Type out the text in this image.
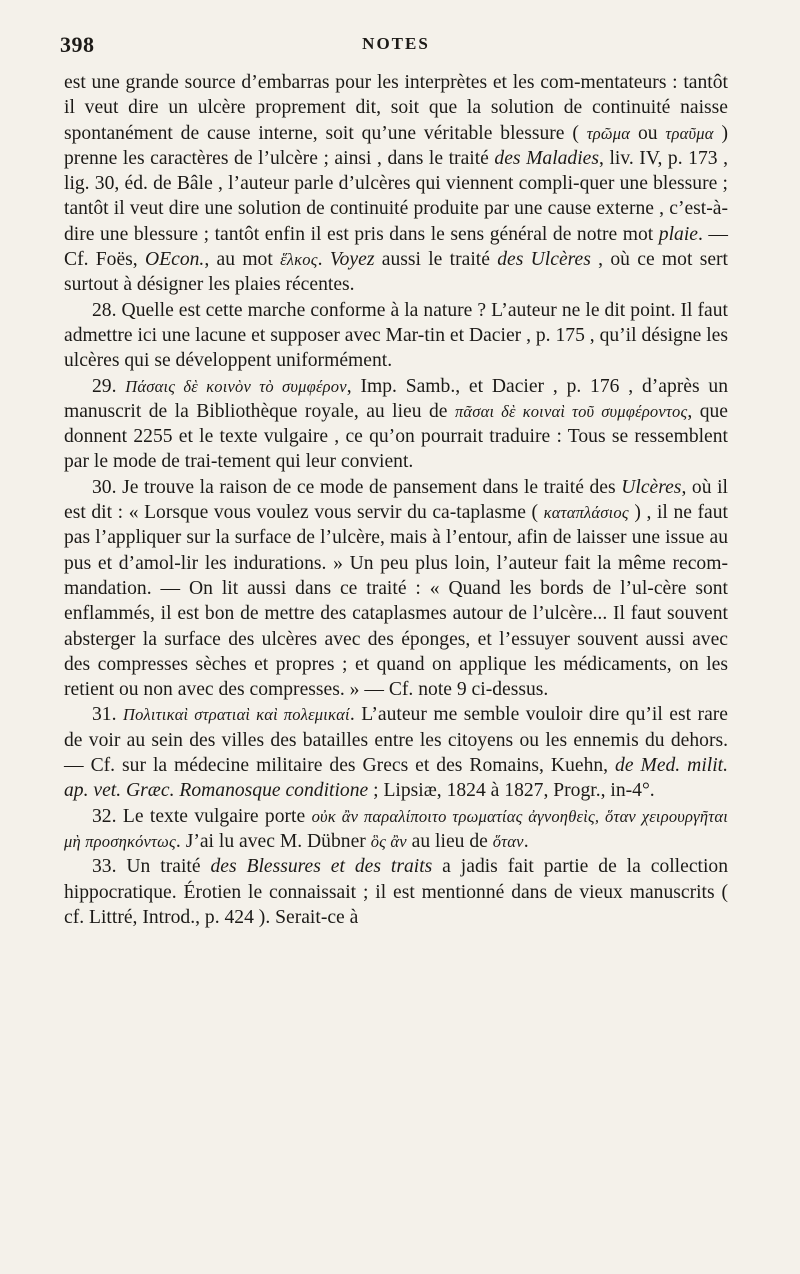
398	NOTES

est une grande source d’embarras pour les interprètes et les com-mentateurs : tantôt il veut dire un ulcère proprement dit, soit que la solution de continuité naisse spontanément de cause interne, soit qu’une véritable blessure ( τρῶμα ou τραῦμα ) prenne les caractères de l’ulcère ; ainsi , dans le traité des Maladies, liv. IV, p. 173 , lig. 30, éd. de Bâle , l’auteur parle d’ulcères qui viennent compli-quer une blessure ; tantôt il veut dire une solution de continuité produite par une cause externe , c’est-à-dire une blessure ; tantôt enfin il est pris dans le sens général de notre mot plaie. — Cf. Foës, OEcon., au mot ἕλκος. Voyez aussi le traité des Ulcères , où ce mot sert surtout à désigner les plaies récentes.

28. Quelle est cette marche conforme à la nature ? L’auteur ne le dit point. Il faut admettre ici une lacune et supposer avec Mar-tin et Dacier , p. 175 , qu’il désigne les ulcères qui se développent uniformément.

29. Πάσαις δὲ κοινὸν τὸ συμφέρον, Imp. Samb., et Dacier , p. 176 , d’après un manuscrit de la Bibliothèque royale, au lieu de πᾶσαι δὲ κοιναὶ τοῦ συμφέροντος, que donnent 2255 et le texte vulgaire , ce qu’on pourrait traduire : Tous se ressemblent par le mode de trai-tement qui leur convient.

30. Je trouve la raison de ce mode de pansement dans le traité des Ulcères, où il est dit : « Lorsque vous voulez vous servir du ca-taplasme ( καταπλάσιος ) , il ne faut pas l’appliquer sur la surface de l’ulcère, mais à l’entour, afin de laisser une issue au pus et d’amol-lir les indurations. » Un peu plus loin, l’auteur fait la même recom-mandation. — On lit aussi dans ce traité : « Quand les bords de l’ul-cère sont enflammés, il est bon de mettre des cataplasmes autour de l’ulcère... Il faut souvent absterger la surface des ulcères avec des éponges, et l’essuyer souvent aussi avec des compresses sèches et propres ; et quand on applique les médicaments, on les retient ou non avec des compresses. » — Cf. note 9 ci-dessus.

31. Πολιτικαὶ στρατιαὶ καὶ πολεμικαί. L’auteur me semble vouloir dire qu’il est rare de voir au sein des villes des batailles entre les citoyens ou les ennemis du dehors. — Cf. sur la médecine militaire des Grecs et des Romains, Kuehn, de Med. milit. ap. vet. Græc. Romanosque conditione ; Lipsiæ, 1824 à 1827, Progr., in-4°.

32. Le texte vulgaire porte οὐκ ἂν παραλίποιτο τρωματίας ἀγνοηθεὶς, ὅταν χειρουργῆται μὴ προσηκόντως. J’ai lu avec M. Dübner ὃς ἂν au lieu de ὅταν.

33. Un traité des Blessures et des traits a jadis fait partie de la collection hippocratique. Érotien le connaissait ; il est mentionné dans de vieux manuscrits ( cf. Littré, Introd., p. 424 ). Serait-ce à
